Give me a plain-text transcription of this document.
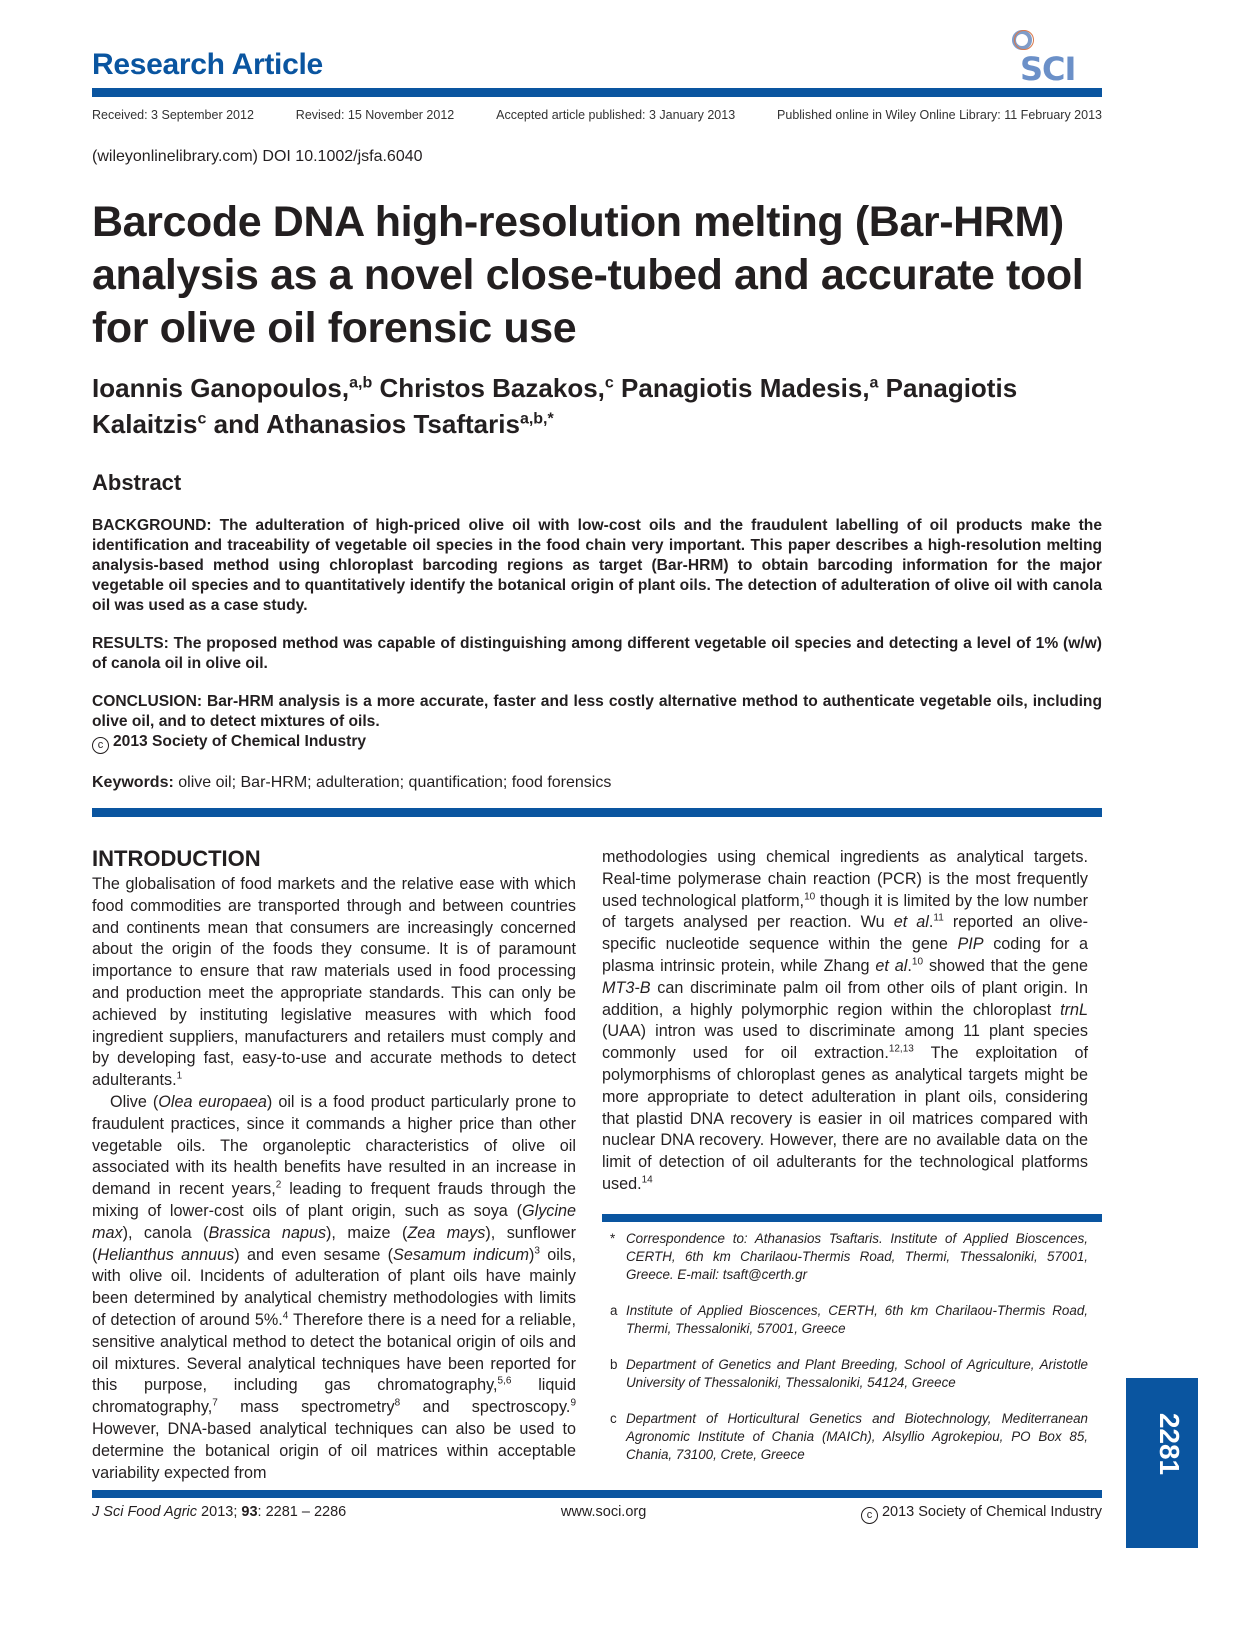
Research Article	SCI
Received: 3 September 2012	Revised: 15 November 2012	Accepted article published: 3 January 2013	Published online in Wiley Online Library: 11 February 2013
(wileyonlinelibrary.com) DOI 10.1002/jsfa.6040
Barcode DNA high-resolution melting (Bar-HRM) analysis as a novel close-tubed and accurate tool for olive oil forensic use
Ioannis Ganopoulos,$^{a,b}$ Christos Bazakos,$^c$ Panagiotis Madesis,$^a$ Panagiotis Kalaitzis$^c$ and Athanasios Tsaftaris$^{a,b,*}$
Abstract

BACKGROUND: The adulteration of high-priced olive oil with low-cost oils and the fraudulent labelling of oil products make the identification and traceability of vegetable oil species in the food chain very important. This paper describes a high-resolution melting analysis-based method using chloroplast barcoding regions as target (Bar-HRM) to obtain barcoding information for the major vegetable oil species and to quantitatively identify the botanical origin of plant oils. The detection of adulteration of olive oil with canola oil was used as a case study.

RESULTS: The proposed method was capable of distinguishing among different vegetable oil species and detecting a level of 1% (w/w) of canola oil in olive oil.

CONCLUSION: Bar-HRM analysis is a more accurate, faster and less costly alternative method to authenticate vegetable oils, including olive oil, and to detect mixtures of oils.
c 2013 Society of Chemical Industry

Keywords: olive oil; Bar-HRM; adulteration; quantification; food forensics
INTRODUCTION

The globalisation of food markets and the relative ease with which food commodities are transported through and between countries and continents mean that consumers are increasingly concerned about the origin of the foods they consume. It is of paramount importance to ensure that raw materials used in food processing and production meet the appropriate standards. This can only be achieved by instituting legislative measures with which food ingredient suppliers, manufacturers and retailers must comply and by developing fast, easy-to-use and accurate methods to detect adulterants.$^1$

Olive (Olea europaea) oil is a food product particularly prone to fraudulent practices, since it commands a higher price than other vegetable oils. The organoleptic characteristics of olive oil associated with its health benefits have resulted in an increase in demand in recent years,$^2$ leading to frequent frauds through the mixing of lower-cost oils of plant origin, such as soya (Glycine max), canola (Brassica napus), maize (Zea mays), sunflower (Helianthus annuus) and even sesame (Sesamum indicum)$^3$ oils, with olive oil. Incidents of adulteration of plant oils have mainly been determined by analytical chemistry methodologies with limits of detection of around 5%.$^4$ Therefore there is a need for a reliable, sensitive analytical method to detect the botanical origin of oils and oil mixtures. Several analytical techniques have been reported for this purpose, including gas chromatography,$^{5,6}$ liquid chromatography,$^7$ mass spectrometry$^8$ and spectroscopy.$^9$ However, DNA-based analytical techniques can also be used to determine the botanical origin of oil matrices within acceptable variability expected from

methodologies using chemical ingredients as analytical targets. Real-time polymerase chain reaction (PCR) is the most frequently used technological platform,$^{10}$ though it is limited by the low number of targets analysed per reaction. Wu et al.$^{11}$ reported an olive-specific nucleotide sequence within the gene PIP coding for a plasma intrinsic protein, while Zhang et al.$^{10}$ showed that the gene MT3-B can discriminate palm oil from other oils of plant origin. In addition, a highly polymorphic region within the chloroplast trnL (UAA) intron was used to discriminate among 11 plant species commonly used for oil extraction.$^{12,13}$ The exploitation of polymorphisms of chloroplast genes as analytical targets might be more appropriate to detect adulteration in plant oils, considering that plastid DNA recovery is easier in oil matrices compared with nuclear DNA recovery. However, there are no available data on the limit of detection of oil adulterants for the technological platforms used.$^{14}$

* Correspondence to: Athanasios Tsaftaris. Institute of Applied Bioscences, CERTH, 6th km Charilaou-Thermis Road, Thermi, Thessaloniki, 57001, Greece. E-mail: tsaft@certh.gr
a Institute of Applied Bioscences, CERTH, 6th km Charilaou-Thermis Road, Thermi, Thessaloniki, 57001, Greece
b Department of Genetics and Plant Breeding, School of Agriculture, Aristotle University of Thessaloniki, Thessaloniki, 54124, Greece
c Department of Horticultural Genetics and Biotechnology, Mediterranean Agronomic Institute of Chania (MAICh), Alsyllio Agrokepiou, PO Box 85, Chania, 73100, Crete, Greece
J Sci Food Agric 2013; 93: 2281 – 2286	www.soci.org	c 2013 Society of Chemical Industry
2281
